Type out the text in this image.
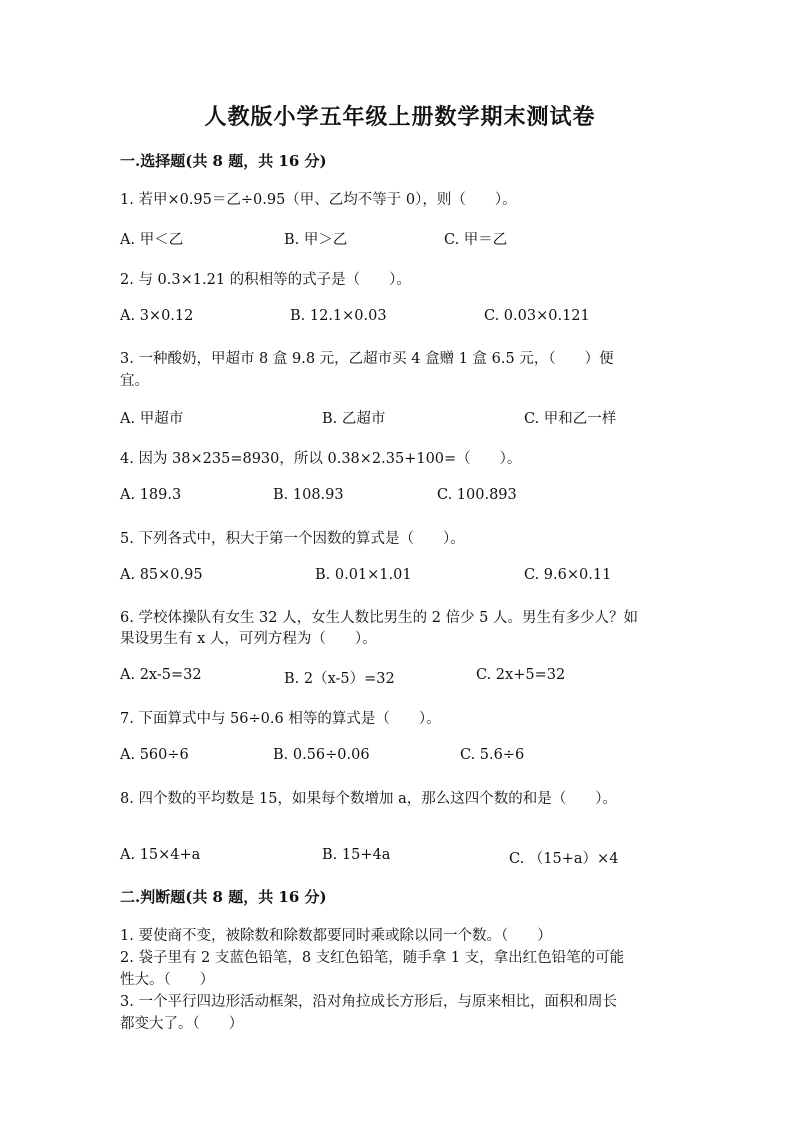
人教版小学五年级上册数学期末测试卷
一.选择题(共 8 题，共 16 分)
1. 若甲×0.95＝乙÷0.95（甲、乙均不等于 0），则（　　）。
A. 甲＜乙	B. 甲＞乙	C. 甲＝乙
2. 与 0.3×1.21 的积相等的式子是（　　）。
A. 3×0.12	B. 12.1×0.03	C. 0.03×0.121
3. 一种酸奶，甲超市 8 盒 9.8 元，乙超市买 4 盒赠 1 盒 6.5 元，（　　）便
宜。
A. 甲超市	B. 乙超市	C. 甲和乙一样
4. 因为 38×235=8930，所以 0.38×2.35+100=（　　）。
A. 189.3	B. 108.93	C. 100.893
5. 下列各式中，积大于第一个因数的算式是（　　）。
A. 85×0.95	B. 0.01×1.01	C. 9.6×0.11
6. 学校体操队有女生 32 人，女生人数比男生的 2 倍少 5 人。男生有多少人？如
果设男生有 x 人，可列方程为（　　）。
A. 2x-5=32	B. 2（x-5）=32	C. 2x+5=32
7. 下面算式中与 56÷0.6 相等的算式是（　　）。
A. 560÷6	B. 0.56÷0.06	C. 5.6÷6
8. 四个数的平均数是 15，如果每个数增加 a，那么这四个数的和是（　　）。
A. 15×4+a	B. 15+4a	C. （15+a）×4
二.判断题(共 8 题，共 16 分)
1. 要使商不变，被除数和除数都要同时乘或除以同一个数。（　　）
2. 袋子里有 2 支蓝色铅笔，8 支红色铅笔，随手拿 1 支，拿出红色铅笔的可能
性大。（　　）
3. 一个平行四边形活动框架，沿对角拉成长方形后，与原来相比，面积和周长
都变大了。（　　）
